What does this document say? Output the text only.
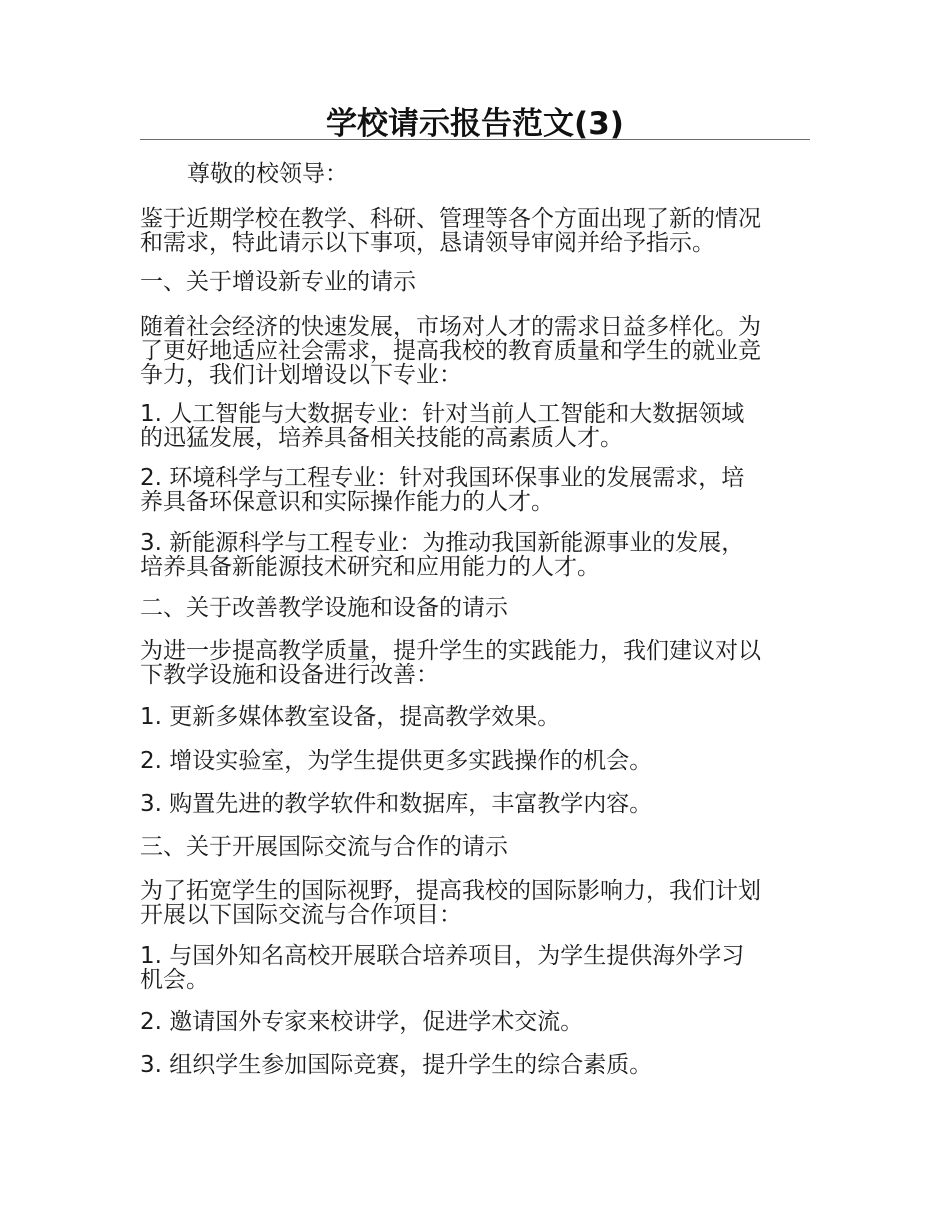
学校请示报告范文(3)

尊敬的校领导：

鉴于近期学校在教学、科研、管理等各个方面出现了新的情况
和需求，特此请示以下事项，恳请领导审阅并给予指示。

一、关于增设新专业的请示

随着社会经济的快速发展，市场对人才的需求日益多样化。为
了更好地适应社会需求，提高我校的教育质量和学生的就业竞
争力，我们计划增设以下专业：

1. 人工智能与大数据专业：针对当前人工智能和大数据领域
的迅猛发展，培养具备相关技能的高素质人才。

2. 环境科学与工程专业：针对我国环保事业的发展需求，培
养具备环保意识和实际操作能力的人才。

3. 新能源科学与工程专业：为推动我国新能源事业的发展，
培养具备新能源技术研究和应用能力的人才。

二、关于改善教学设施和设备的请示

为进一步提高教学质量，提升学生的实践能力，我们建议对以
下教学设施和设备进行改善：

1. 更新多媒体教室设备，提高教学效果。

2. 增设实验室，为学生提供更多实践操作的机会。

3. 购置先进的教学软件和数据库，丰富教学内容。

三、关于开展国际交流与合作的请示

为了拓宽学生的国际视野，提高我校的国际影响力，我们计划
开展以下国际交流与合作项目：

1. 与国外知名高校开展联合培养项目，为学生提供海外学习
机会。

2. 邀请国外专家来校讲学，促进学术交流。

3. 组织学生参加国际竞赛，提升学生的综合素质。
